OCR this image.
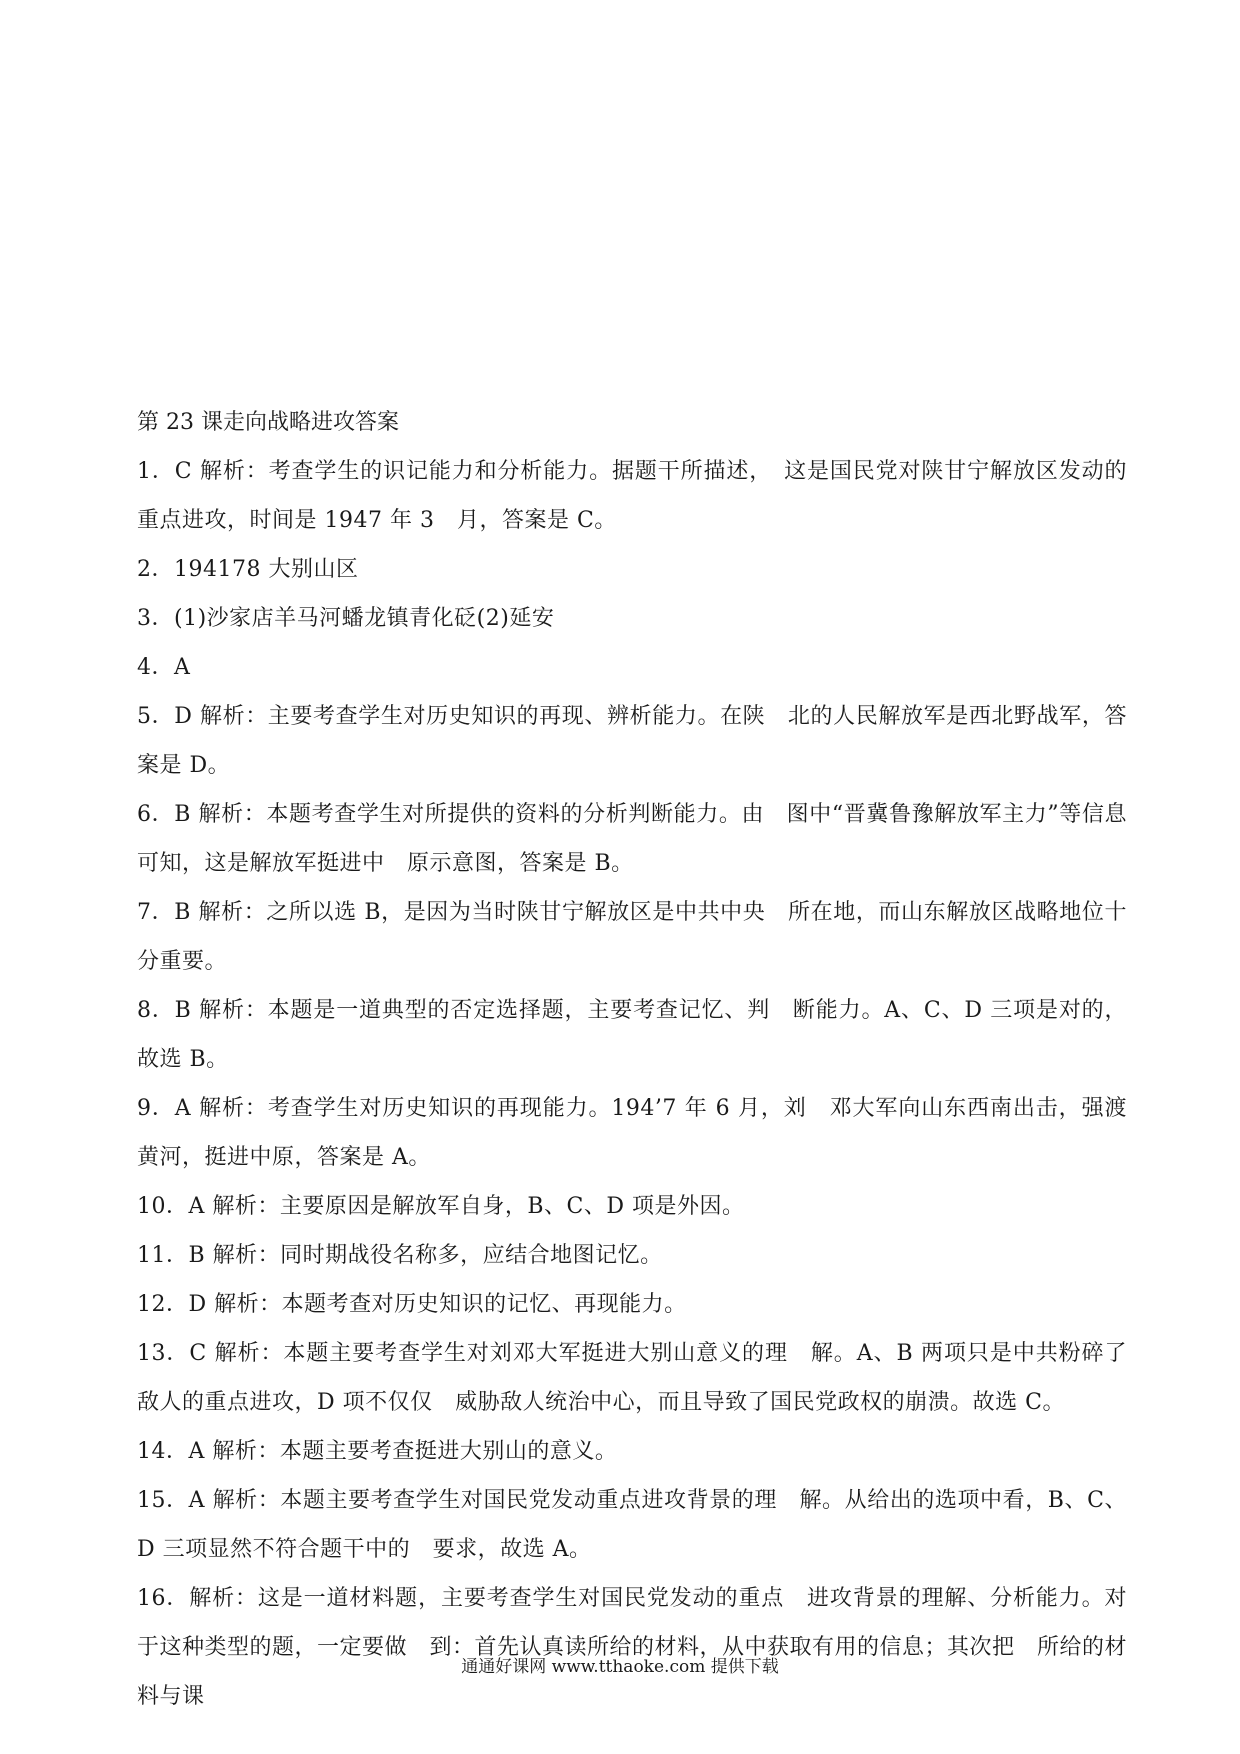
第 23 课走向战略进攻答案
1．C 解析：考查学生的识记能力和分析能力。据题干所描述，　这是国民党对陕甘宁解放区发动的重点进攻，时间是 1947 年 3　月，答案是 C。
2．194178 大别山区
3．(1)沙家店羊马河蟠龙镇青化砭(2)延安
4．A
5．D 解析：主要考查学生对历史知识的再现、辨析能力。在陕　北的人民解放军是西北野战军，答案是 D。
6．B 解析：本题考查学生对所提供的资料的分析判断能力。由　图中“晋冀鲁豫解放军主力”等信息可知，这是解放军挺进中　原示意图，答案是 B。
7．B 解析：之所以选 B，是因为当时陕甘宁解放区是中共中央　所在地，而山东解放区战略地位十分重要。
8．B 解析：本题是一道典型的否定选择题，主要考查记忆、判　断能力。A、C、D 三项是对的，故选 B。
9．A 解析：考查学生对历史知识的再现能力。194’7 年 6 月，刘　邓大军向山东西南出击，强渡黄河，挺进中原，答案是 A。
10．A 解析：主要原因是解放军自身，B、C、D 项是外因。
11．B 解析：同时期战役名称多，应结合地图记忆。
12．D 解析：本题考查对历史知识的记忆、再现能力。
13．C 解析：本题主要考查学生对刘邓大军挺进大别山意义的理　解。A、B 两项只是中共粉碎了敌人的重点进攻，D 项不仅仅　威胁敌人统治中心，而且导致了国民党政权的崩溃。故选 C。
14．A 解析：本题主要考查挺进大别山的意义。
15．A 解析：本题主要考查学生对国民党发动重点进攻背景的理　解。从给出的选项中看，B、C、D 三项显然不符合题干中的　要求，故选 A。
16．解析：这是一道材料题，主要考查学生对国民党发动的重点　进攻背景的理解、分析能力。对于这种类型的题，一定要做　到：首先认真读所给的材料，从中获取有用的信息；其次把　所给的材料与课
通通好课网 www.tthaoke.com 提供下载
